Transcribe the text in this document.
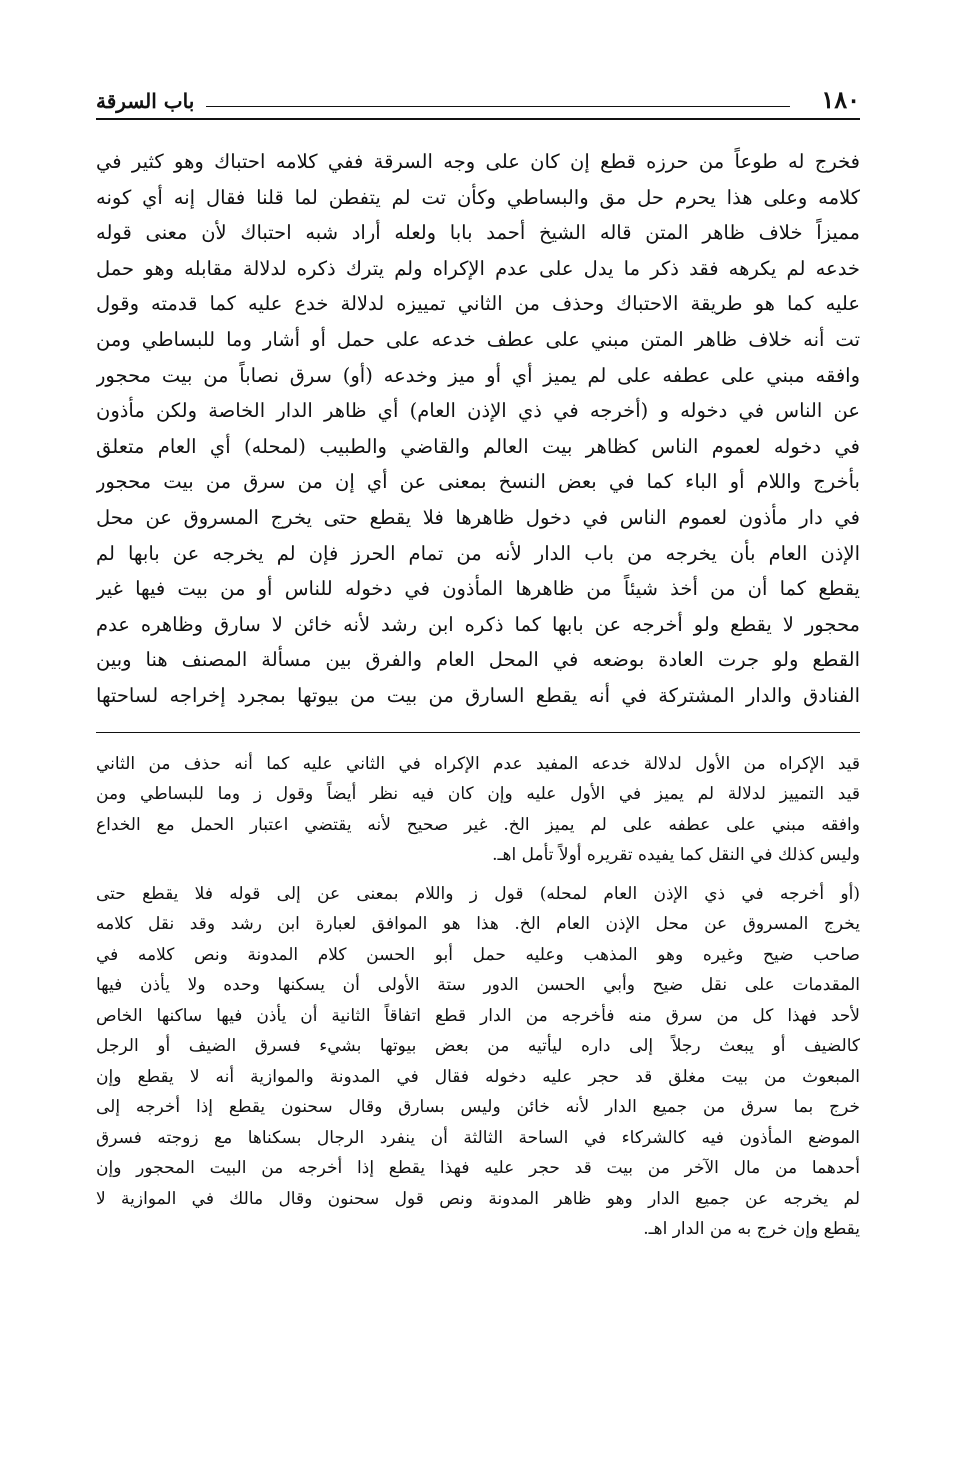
١٨٠
باب السرقة
فخرج له طوعاً من حرزه قطع إن كان على وجه السرقة ففي كلامه احتباك وهو كثير في
كلامه وعلى هذا يحرم حل مق والبساطي وكأن تت لم يتفطن لما قلنا فقال إنه أي كونه
مميزاً خلاف ظاهر المتن قاله الشيخ أحمد بابا ولعله أراد شبه احتباك لأن معنى قوله
خدعه لم يكرهه فقد ذكر ما يدل على عدم الإكراه ولم يترك ذكره لدلالة مقابله وهو حمل
عليه كما هو طريقة الاحتباك وحذف من الثاني تمييزه لدلالة خدع عليه كما قدمته وقول
تت أنه خلاف ظاهر المتن مبني على عطف خدعه على حمل أو أشار وما للبساطي ومن
وافقه مبني على عطفه على لم يميز أي أو ميز وخدعه (أو) سرق نصاباً من بيت محجور
عن الناس في دخوله و (أخرجه في ذي الإذن العام) أي ظاهر الدار الخاصة ولكن مأذون
في دخوله لعموم الناس كظاهر بيت العالم والقاضي والطبيب (لمحله) أي العام متعلق
بأخرج واللام أو الباء كما في بعض النسخ بمعنى عن أي إن من سرق من بيت محجور
في دار مأذون لعموم الناس في دخول ظاهرها فلا يقطع حتى يخرج المسروق عن محل
الإذن العام بأن يخرجه من باب الدار لأنه من تمام الحرز فإن لم يخرجه عن بابها لم
يقطع كما أن من أخذ شيئاً من ظاهرها المأذون في دخوله للناس أو من بيت فيها غير
محجور لا يقطع ولو أخرجه عن بابها كما ذكره ابن رشد لأنه خائن لا سارق وظاهره عدم
القطع ولو جرت العادة بوضعه في المحل العام والفرق بين مسألة المصنف هنا وبين
الفنادق والدار المشتركة في أنه يقطع السارق من بيت من بيوتها بمجرد إخراجه لساحتها
قيد الإكراه من الأول لدلالة خدعه المفيد عدم الإكراه في الثاني عليه كما أنه حذف من الثاني
قيد التمييز لدلالة لم يميز في الأول عليه وإن كان فيه نظر أيضاً وقول ز وما للبساطي ومن
وافقه مبني على عطفه على لم يميز الخ. غير صحيح لأنه يقتضي اعتبار الحمل مع الخداع
وليس كذلك في النقل كما يفيده تقريره أولاً تأمل اهـ.
(أو أخرجه في ذي الإذن العام لمحله) قول ز واللام بمعنى عن إلى قوله فلا يقطع حتى
يخرج المسروق عن محل الإذن العام الخ. هذا هو الموافق لعبارة ابن رشد وقد نقل كلامه
صاحب ضيح وغيره وهو المذهب وعليه حمل أبو الحسن كلام المدونة ونص كلامه في
المقدمات على نقل ضيح وأبي الحسن الدور ستة الأولى أن يسكنها وحده ولا يأذن فيها
لأحد فهذا كل من سرق منه فأخرجه من الدار قطع اتفاقاً الثانية أن يأذن فيها ساكنها الخاص
كالضيف أو يبعث رجلاً إلى داره ليأتيه من بعض بيوتها بشيء فسرق الضيف أو الرجل
المبعوث من بيت مغلق قد حجر عليه دخوله فقال في المدونة والموازية أنه لا يقطع وإن
خرج بما سرق من جميع الدار لأنه خائن وليس بسارق وقال سحنون يقطع إذا أخرجه إلى
الموضع المأذون فيه كالشركاء في الساحة الثالثة أن ينفرد الرجال بسكناها مع زوجته فسرق
أحدهما من مال الآخر من بيت قد حجر عليه فهذا يقطع إذا أخرجه من البيت المحجور وإن
لم يخرجه عن جميع الدار وهو ظاهر المدونة ونص قول سحنون وقال مالك في الموازية لا
يقطع وإن خرج به من الدار اهـ.
